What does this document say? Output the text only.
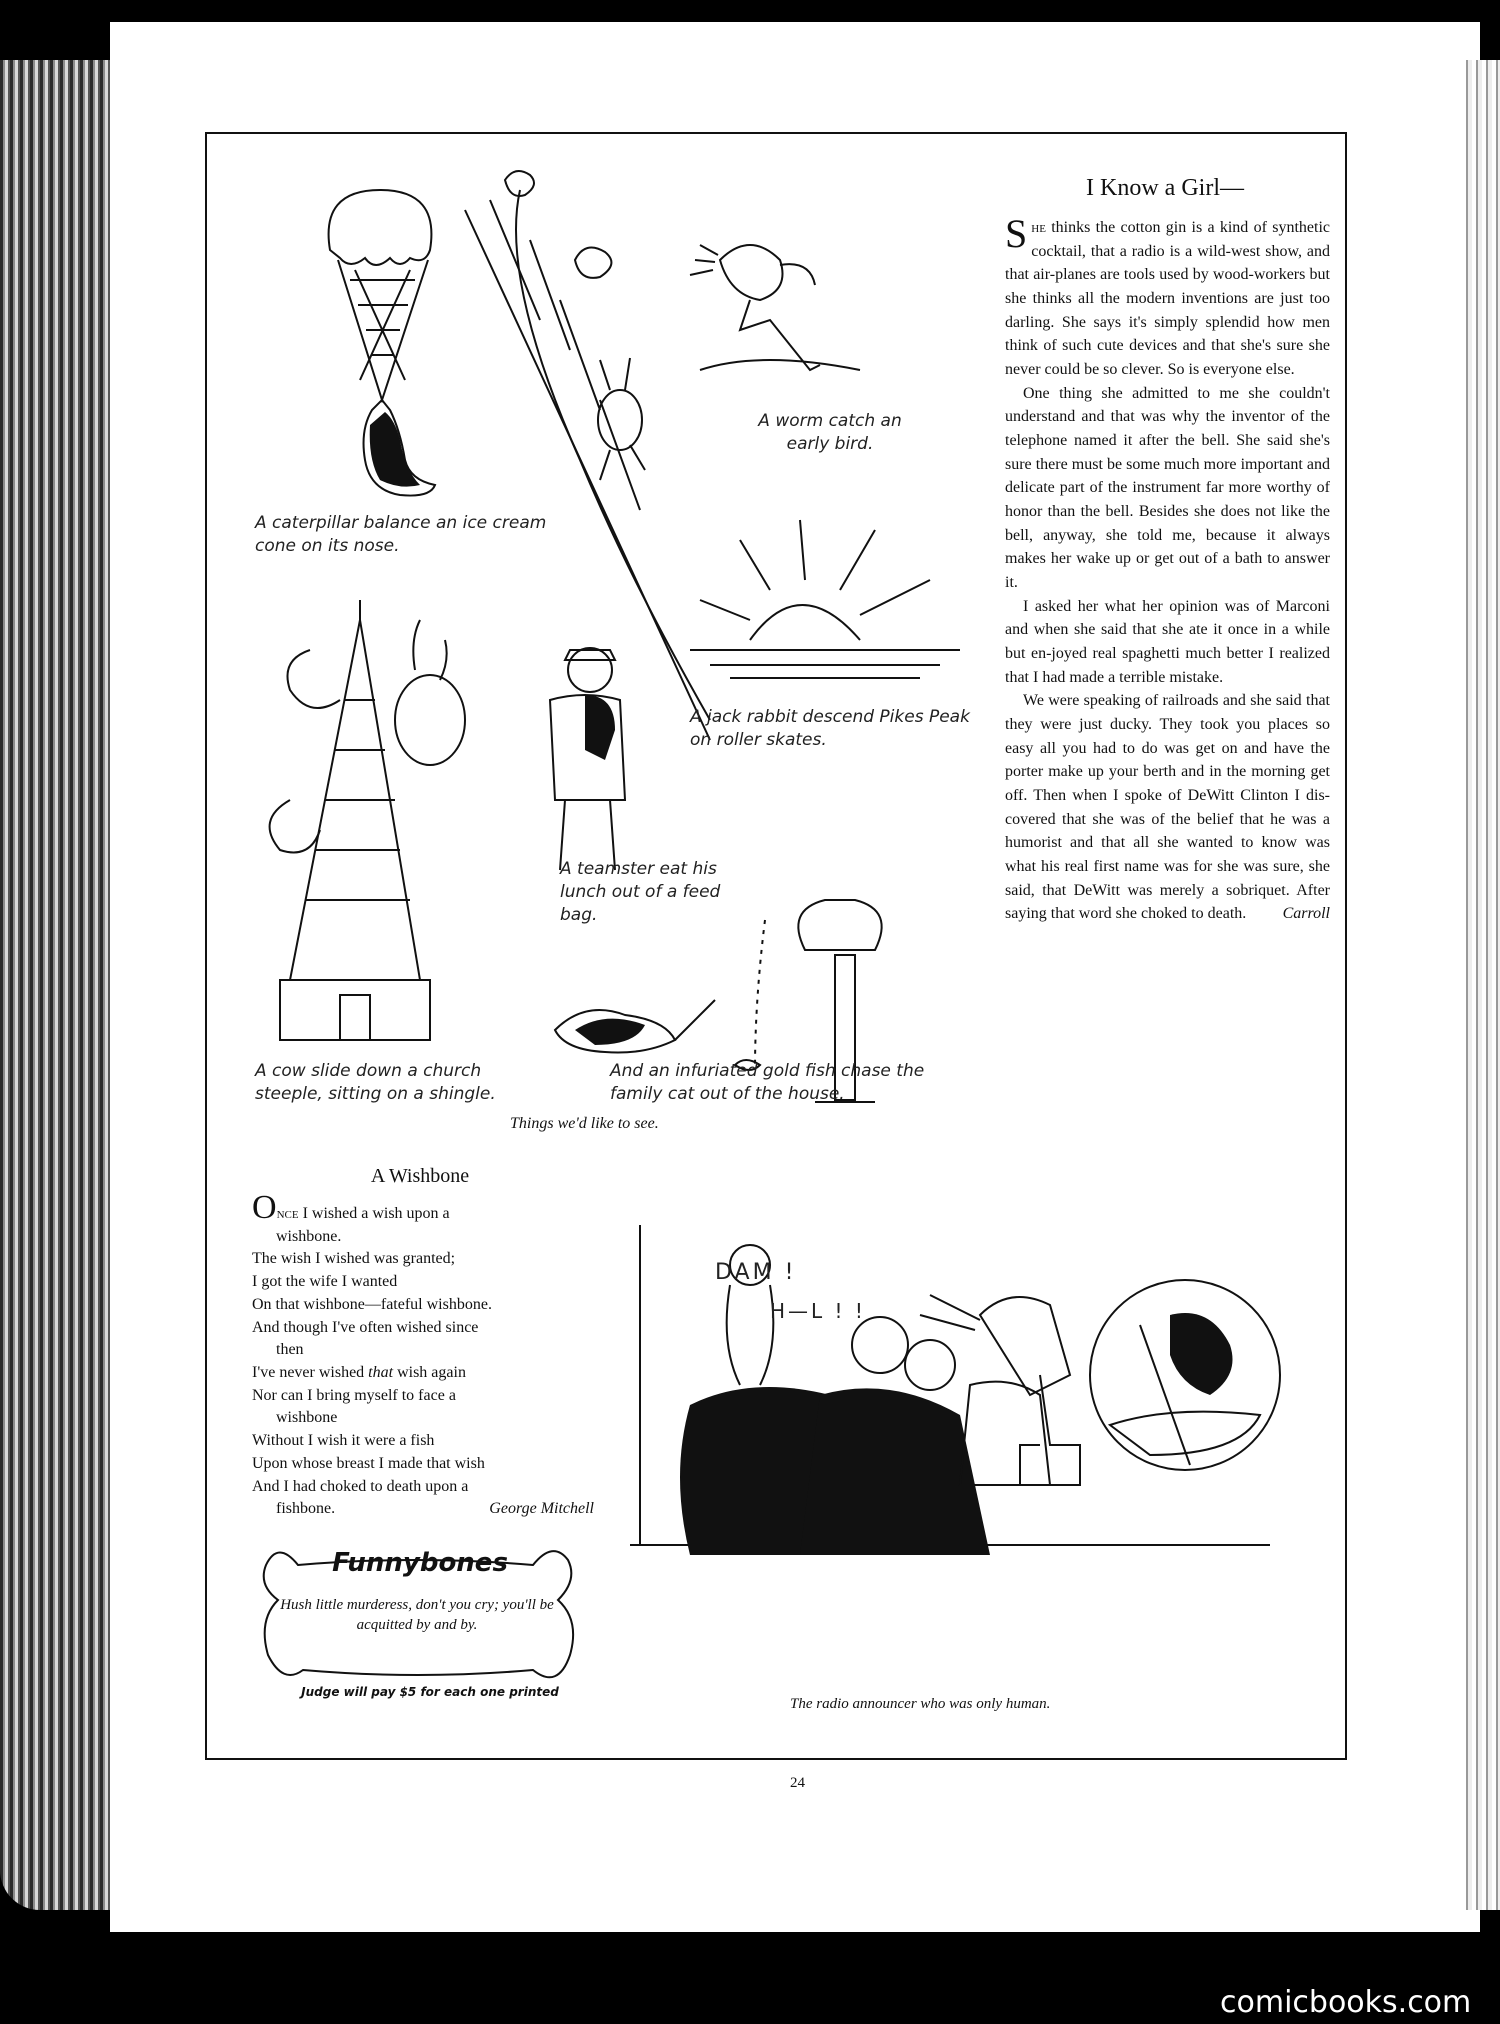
A caterpillar balance an ice cream cone on its nose.
A worm catch an early bird.
A jack rabbit descend Pikes Peak on roller skates.
A teamster eat his lunch out of a feed bag.
A cow slide down a church steeple, sitting on a shingle.
And an infuriated gold fish chase the family cat out of the house.
Things we'd like to see.
I Know a Girl—

She thinks the cotton gin is a kind of synthetic cocktail, that a radio is a wild-west show, and that air-planes are tools used by wood-workers but she thinks all the modern inventions are just too darling. She says it's simply splendid how men think of such cute devices and that she's sure she never could be so clever. So is everyone else.

One thing she admitted to me she couldn't understand and that was why the inventor of the telephone named it after the bell. She said she's sure there must be some much more important and delicate part of the instrument far more worthy of honor than the bell. Besides she does not like the bell, anyway, she told me, because it always makes her wake up or get out of a bath to answer it.

I asked her what her opinion was of Marconi and when she said that she ate it once in a while but en-joyed real spaghetti much better I realized that I had made a terrible mistake.

We were speaking of railroads and she said that they were just ducky. They took you places so easy all you had to do was get on and have the porter make up your berth and in the morning get off. Then when I spoke of DeWitt Clinton I dis-covered that she was of the belief that he was a humorist and that all she wanted to know was what his real first name was for she was sure, she said, that DeWitt was merely a sobriquet. After saying that word she choked to death.	Carroll

A Wishbone
Once I wished a wish upon a
wishbone.
The wish I wished was granted;
I got the wife I wanted
On that wishbone—fateful wishbone.
And though I've often wished since
then
I've never wished that wish again
Nor can I bring myself to face a
wishbone
Without I wish it were a fish
Upon whose breast I made that wish
And I had choked to death upon a
fishbone.	George Mitchell
Funnybones
Hush little murderess, don't you cry; you'll be acquitted by and by.
Judge will pay $5 for each one printed
DAM !
H—L ! !
The radio announcer who was only human.
24
comicbooks.com
